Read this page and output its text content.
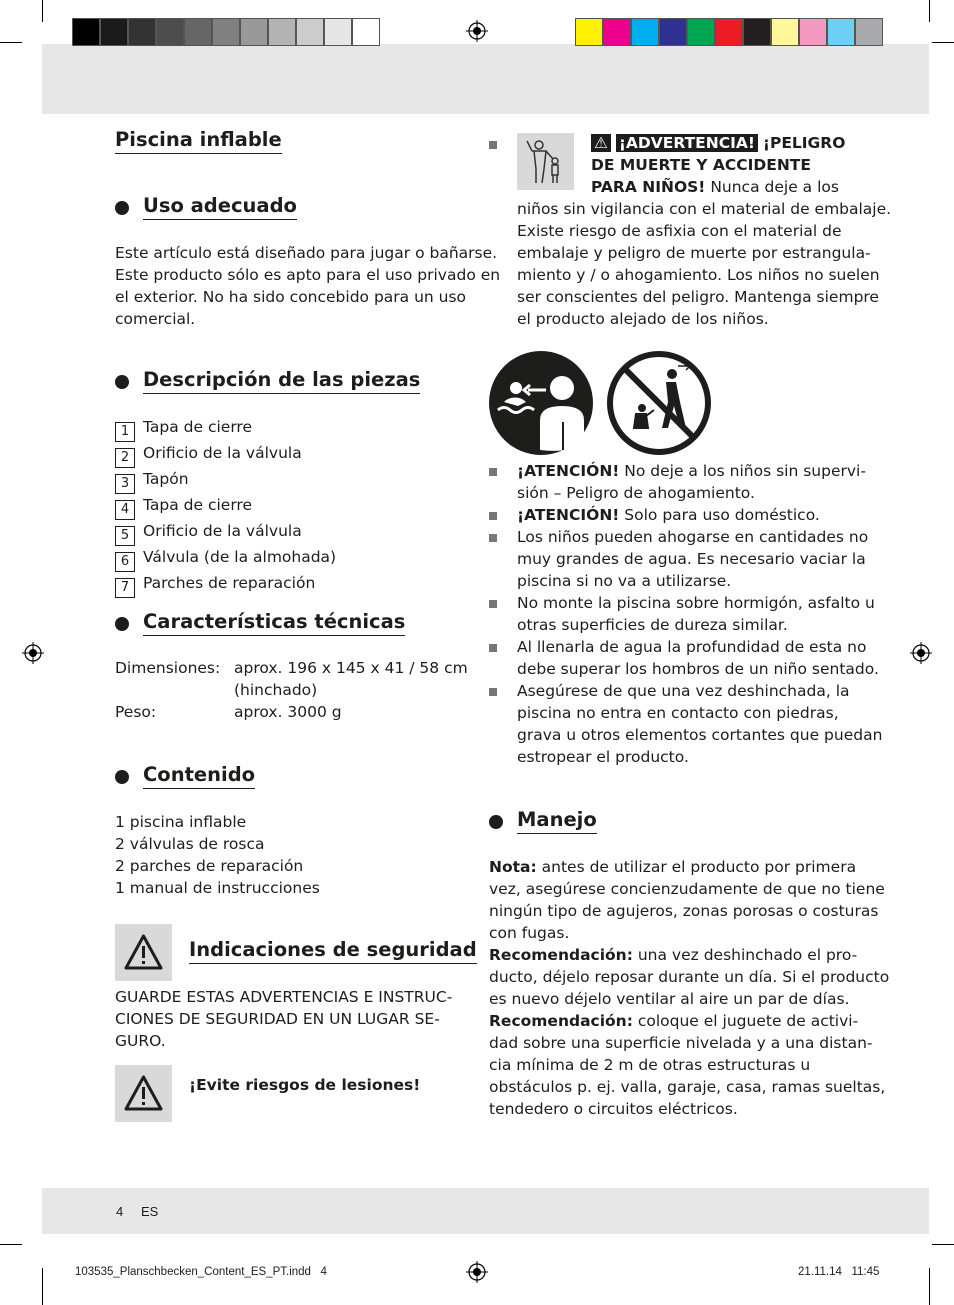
Piscina inflable
Uso adecuado
Este artículo está diseñado para jugar o bañarse.
Este producto sólo es apto para el uso privado en
el exterior. No ha sido concebido para un uso
comercial.
Descripción de las piezas
1 Tapa de cierre
2 Orificio de la válvula
3 Tapón
4 Tapa de cierre
5 Orificio de la válvula
6 Válvula (de la almohada)
7 Parches de reparación
Características técnicas
Dimensiones: aprox. 196 x 145 x 41 / 58 cm
(hinchado)
Peso:	aprox. 3000 g
Contenido
1 piscina inflable
2 válvulas de rosca
2 parches de reparación
1 manual de instrucciones
Indicaciones de seguridad
GUARDE ESTAS ADVERTENCIAS E INSTRUC-
CIONES DE SEGURIDAD EN UN LUGAR SE-
GURO.
¡Evite riesgos de lesiones!
⚠ ¡ADVERTENCIA! ¡PELIGRO
DE MUERTE Y ACCIDENTE
PARA NIÑOS! Nunca deje a los
niños sin vigilancia con el material de embalaje.
Existe riesgo de asfixia con el material de
embalaje y peligro de muerte por estrangula-
miento y / o ahogamiento. Los niños no suelen
ser conscientes del peligro. Mantenga siempre
el producto alejado de los niños.
¡ATENCIÓN! No deje a los niños sin supervi-
sión – Peligro de ahogamiento.
¡ATENCIÓN! Solo para uso doméstico.
Los niños pueden ahogarse en cantidades no
muy grandes de agua. Es necesario vaciar la
piscina si no va a utilizarse.
No monte la piscina sobre hormigón, asfalto u
otras superficies de dureza similar.
Al llenarla de agua la profundidad de esta no
debe superar los hombros de un niño sentado.
Asegúrese de que una vez deshinchada, la
piscina no entra en contacto con piedras,
grava u otros elementos cortantes que puedan
estropear el producto.
Manejo
Nota: antes de utilizar el producto por primera
vez, asegúrese concienzudamente de que no tiene
ningún tipo de agujeros, zonas porosas o costuras
con fugas.
Recomendación: una vez deshinchado el pro-
ducto, déjelo reposar durante un día. Si el producto
es nuevo déjelo ventilar al aire un par de días.
Recomendación: coloque el juguete de activi-
dad sobre una superficie nivelada y a una distan-
cia mínima de 2 m de otras estructuras u
obstáculos p. ej. valla, garaje, casa, ramas sueltas,
tendedero o circuitos eléctricos.
4 ES
103535_Planschbecken_Content_ES_PT.indd   4	21.11.14   11:45
